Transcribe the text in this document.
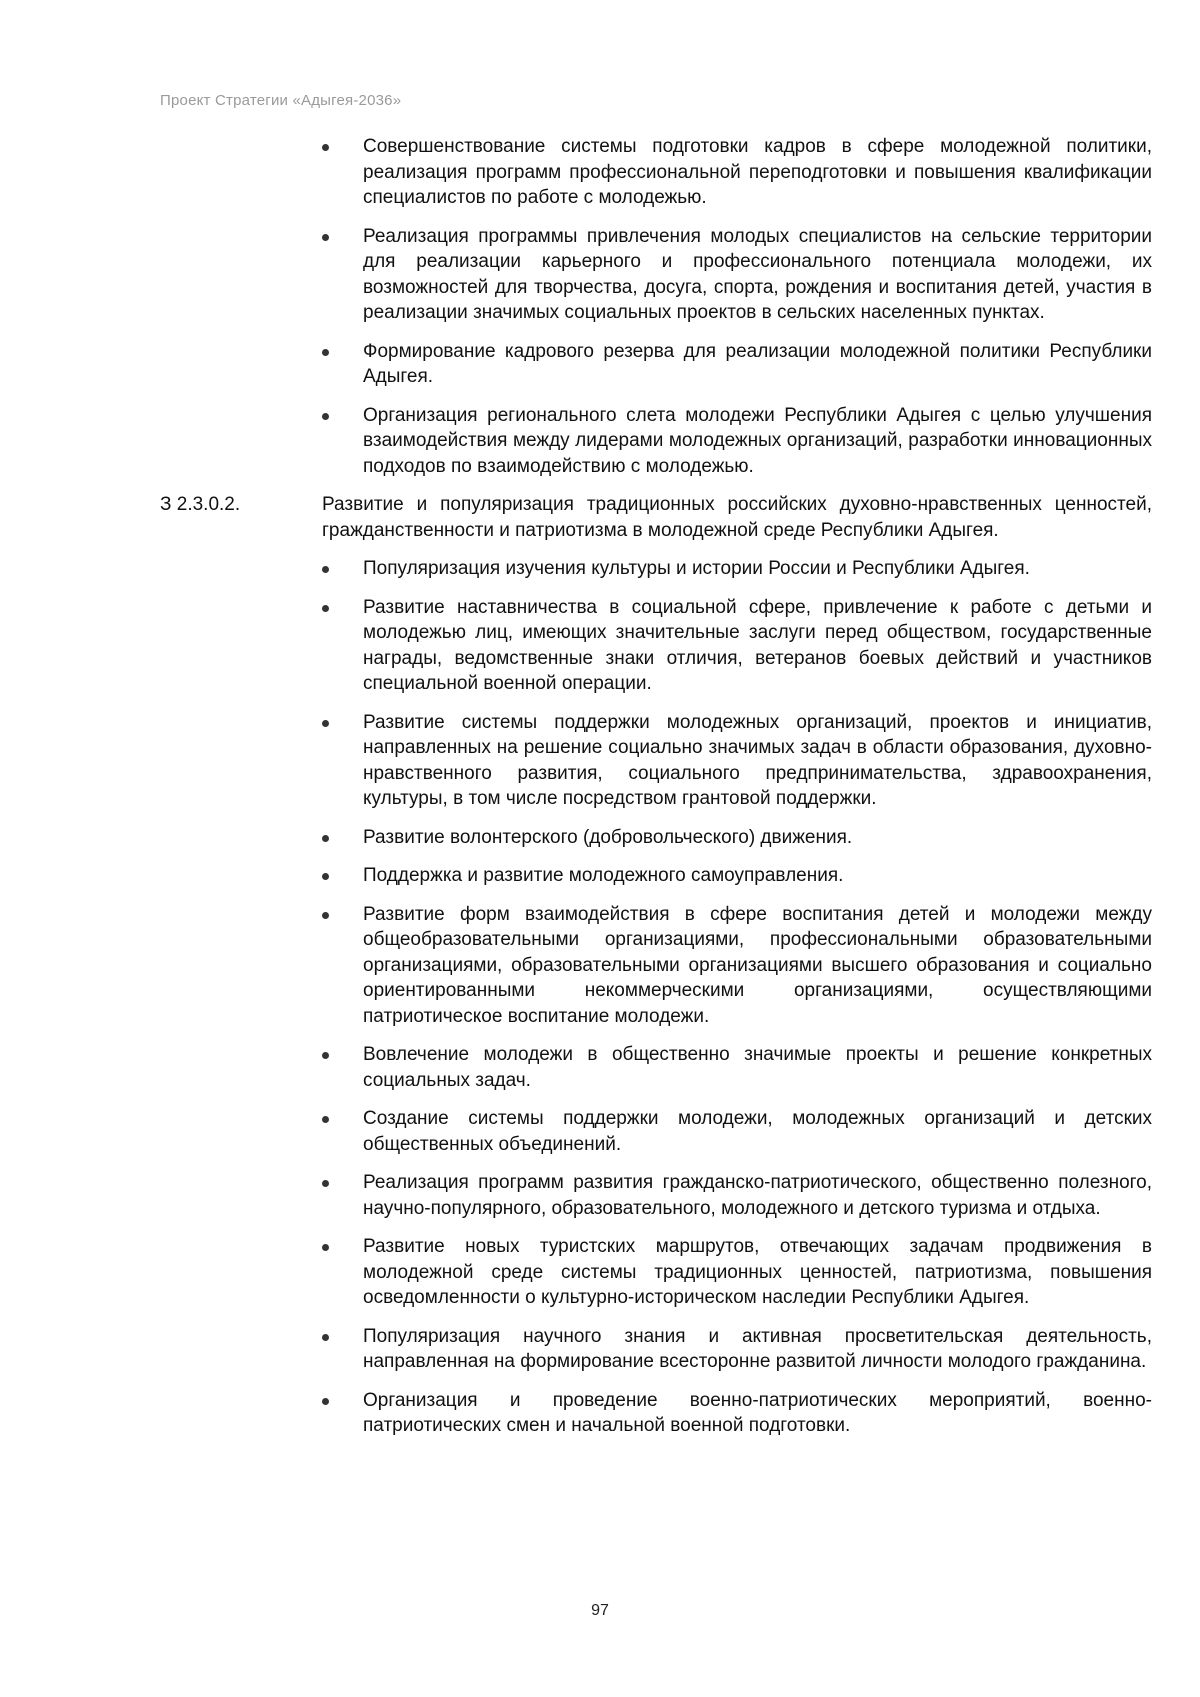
Проект Стратегии «Адыгея-2036»
Совершенствование системы подготовки кадров в сфере молодежной политики, реализация программ профессиональной переподготовки и повышения квалификации специалистов по работе с молодежью.
Реализация программы привлечения молодых специалистов на сельские территории для реализации карьерного и профессионального потенциала молодежи, их возможностей для творчества, досуга, спорта, рождения и воспитания детей, участия в реализации значимых социальных проектов в сельских населенных пунктах.
Формирование кадрового резерва для реализации молодежной политики Республики Адыгея.
Организация регионального слета молодежи Республики Адыгея с целью улучшения взаимодействия между лидерами молодежных организаций, разработки инновационных подходов по взаимодействию с молодежью.
З 2.3.0.2.	Развитие и популяризация традиционных российских духовно-нравственных ценностей, гражданственности и патриотизма в молодежной среде Республики Адыгея.
Популяризация изучения культуры и истории России и Республики Адыгея.
Развитие наставничества в социальной сфере, привлечение к работе с детьми и молодежью лиц, имеющих значительные заслуги перед обществом, государственные награды, ведомственные знаки отличия, ветеранов боевых действий и участников специальной военной операции.
Развитие системы поддержки молодежных организаций, проектов и инициатив, направленных на решение социально значимых задач в области образования, духовно-нравственного развития, социального предпринимательства, здравоохранения, культуры, в том числе посредством грантовой поддержки.
Развитие волонтерского (добровольческого) движения.
Поддержка и развитие молодежного самоуправления.
Развитие форм взаимодействия в сфере воспитания детей и молодежи между общеобразовательными организациями, профессиональными образовательными организациями, образовательными организациями высшего образования и социально ориентированными некоммерческими организациями, осуществляющими патриотическое воспитание молодежи.
Вовлечение молодежи в общественно значимые проекты и решение конкретных социальных задач.
Создание системы поддержки молодежи, молодежных организаций и детских общественных объединений.
Реализация программ развития гражданско-патриотического, общественно полезного, научно-популярного, образовательного, молодежного и детского туризма и отдыха.
Развитие новых туристских маршрутов, отвечающих задачам продвижения в молодежной среде системы традиционных ценностей, патриотизма, повышения осведомленности о культурно-историческом наследии Республики Адыгея.
Популяризация научного знания и активная просветительская деятельность, направленная на формирование всесторонне развитой личности молодого гражданина.
Организация и проведение военно-патриотических мероприятий, военно-патриотических смен и начальной военной подготовки.
97
